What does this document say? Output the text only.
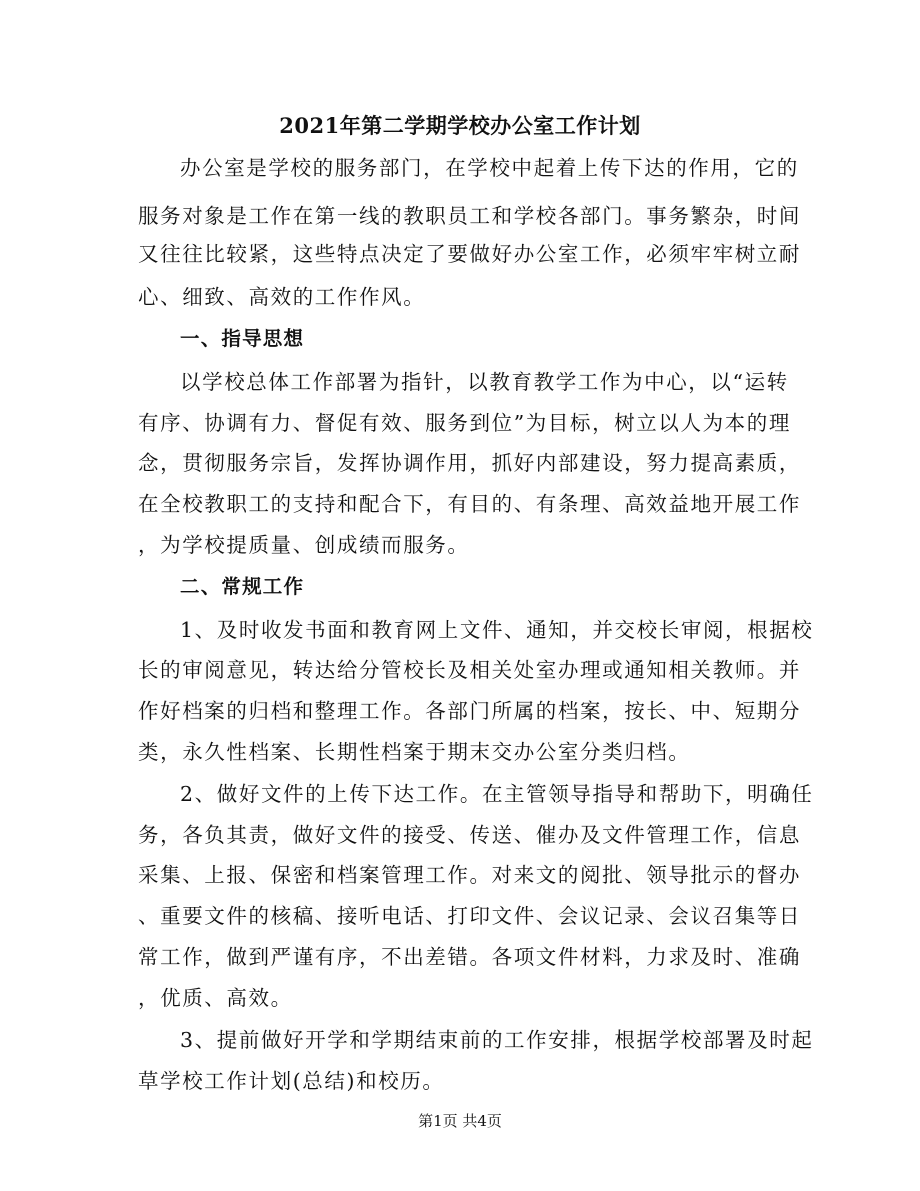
2021年第二学期学校办公室工作计划
办公室是学校的服务部门，在学校中起着上传下达的作用，它的
服务对象是工作在第一线的教职员工和学校各部门。事务繁杂，时间
又往往比较紧，这些特点决定了要做好办公室工作，必须牢牢树立耐
心、细致、高效的工作作风。
一、指导思想
以学校总体工作部署为指针，以教育教学工作为中心，以“运转
有序、协调有力、督促有效、服务到位”为目标，树立以人为本的理
念，贯彻服务宗旨，发挥协调作用，抓好内部建设，努力提高素质，
在全校教职工的支持和配合下，有目的、有条理、高效益地开展工作
，为学校提质量、创成绩而服务。
二、常规工作
1、及时收发书面和教育网上文件、通知，并交校长审阅，根据校
长的审阅意见，转达给分管校长及相关处室办理或通知相关教师。并
作好档案的归档和整理工作。各部门所属的档案，按长、中、短期分
类，永久性档案、长期性档案于期末交办公室分类归档。
2、做好文件的上传下达工作。在主管领导指导和帮助下，明确任
务，各负其责，做好文件的接受、传送、催办及文件管理工作，信息
采集、上报、保密和档案管理工作。对来文的阅批、领导批示的督办
、重要文件的核稿、接听电话、打印文件、会议记录、会议召集等日
常工作，做到严谨有序，不出差错。各项文件材料，力求及时、准确
，优质、高效。
3、提前做好开学和学期结束前的工作安排，根据学校部署及时起
草学校工作计划(总结)和校历。
第1页 共4页
